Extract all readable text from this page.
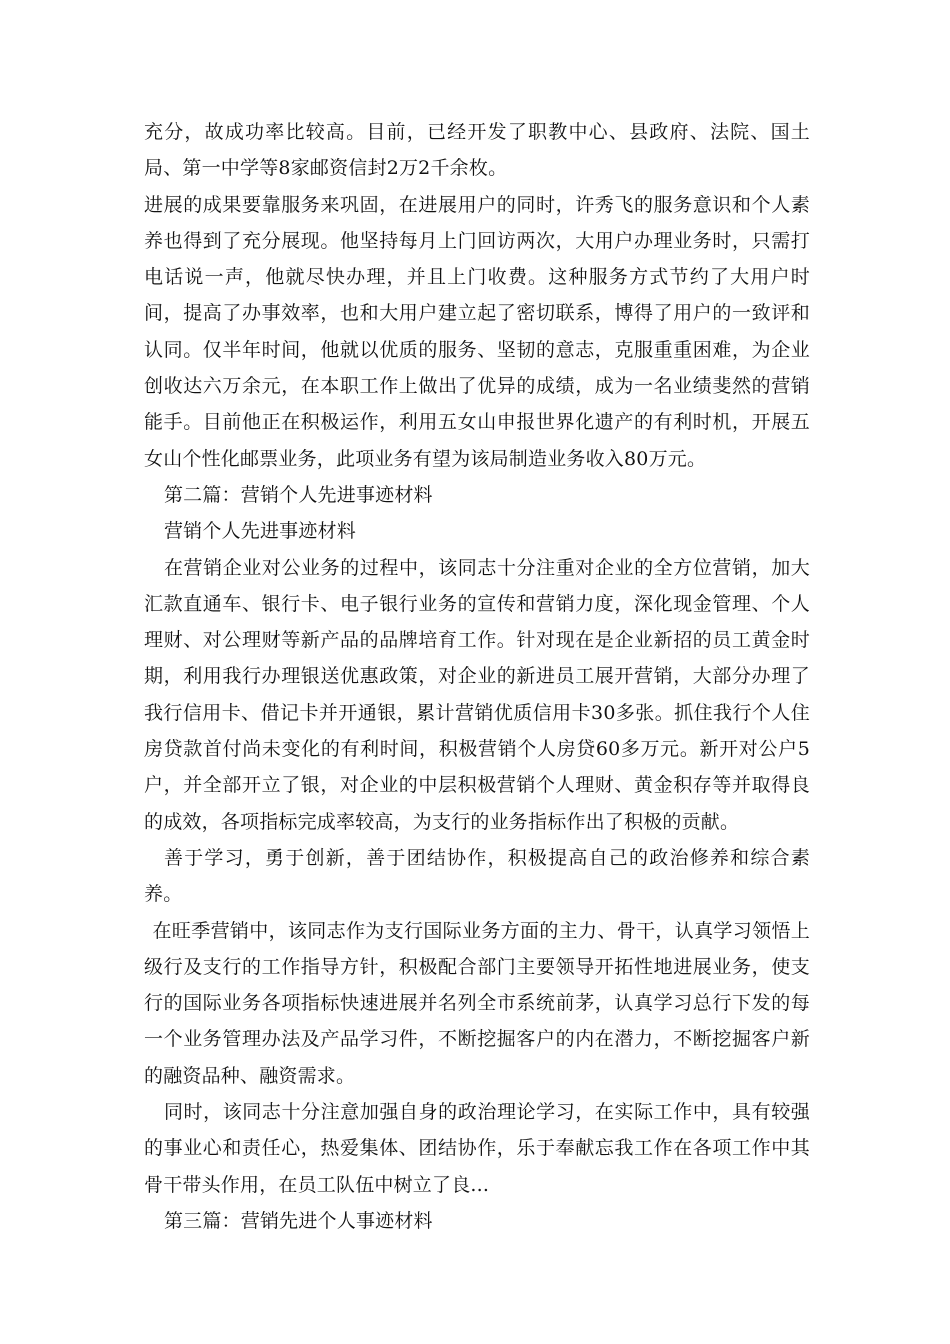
充分，故成功率比较高。目前，已经开发了职教中心、县政府、法院、国土局、第一中学等8家邮资信封2万2千余枚。

进展的成果要靠服务来巩固，在进展用户的同时，许秀飞的服务意识和个人素养也得到了充分展现。他坚持每月上门回访两次，大用户办理业务时，只需打电话说一声，他就尽快办理，并且上门收费。这种服务方式节约了大用户时间，提高了办事效率，也和大用户建立起了密切联系，博得了用户的一致评和认同。仅半年时间，他就以优质的服务、坚韧的意志，克服重重困难，为企业创收达六万余元，在本职工作上做出了优异的成绩，成为一名业绩斐然的营销能手。目前他正在积极运作，利用五女山申报世界化遗产的有利时机，开展五女山个性化邮票业务，此项业务有望为该局制造业务收入80万元。

第二篇：营销个人先进事迹材料

营销个人先进事迹材料

在营销企业对公业务的过程中，该同志十分注重对企业的全方位营销，加大汇款直通车、银行卡、电子银行业务的宣传和营销力度，深化现金管理、个人理财、对公理财等新产品的品牌培育工作。针对现在是企业新招的员工黄金时期，利用我行办理银送优惠政策，对企业的新进员工展开营销，大部分办理了我行信用卡、借记卡并开通银，累计营销优质信用卡30多张。抓住我行个人住房贷款首付尚未变化的有利时间，积极营销个人房贷60多万元。新开对公户5户，并全部开立了银，对企业的中层积极营销个人理财、黄金积存等并取得良的成效，各项指标完成率较高，为支行的业务指标作出了积极的贡献。

善于学习，勇于创新，善于团结协作，积极提高自己的政治修养和综合素养。

在旺季营销中，该同志作为支行国际业务方面的主力、骨干，认真学习领悟上级行及支行的工作指导方针，积极配合部门主要领导开拓性地进展业务，使支行的国际业务各项指标快速进展并名列全市系统前茅，认真学习总行下发的每一个业务管理办法及产品学习件，不断挖掘客户的内在潜力，不断挖掘客户新的融资品种、融资需求。

同时，该同志十分注意加强自身的政治理论学习，在实际工作中，具有较强的事业心和责任心，热爱集体、团结协作，乐于奉献忘我工作在各项工作中其骨干带头作用，在员工队伍中树立了良...

第三篇：营销先进个人事迹材料
